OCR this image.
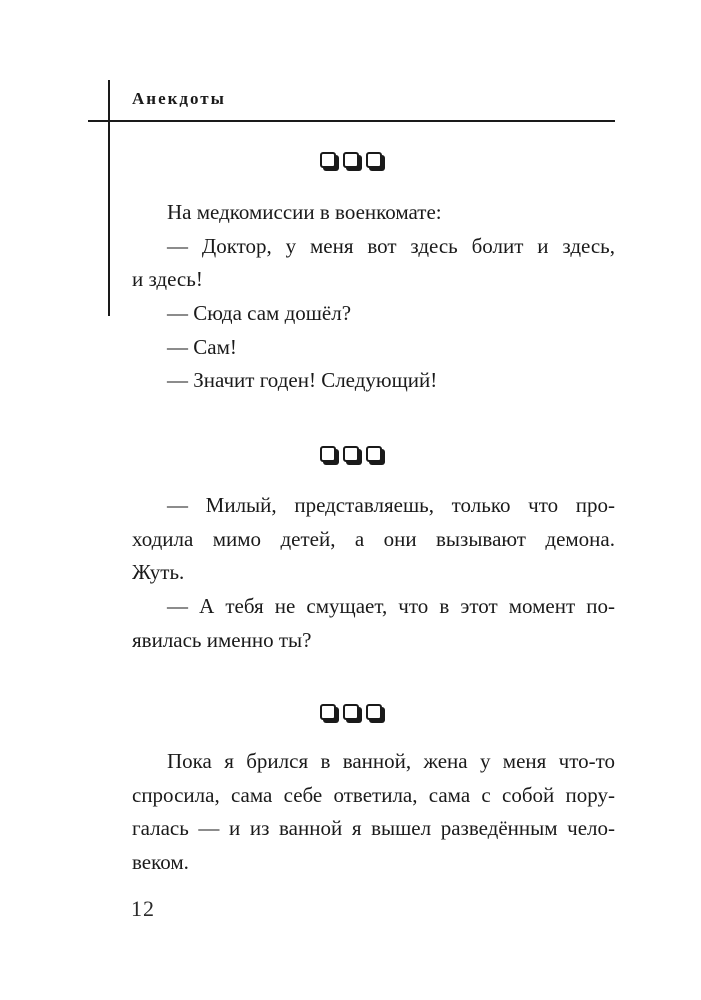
Анекдоты
На медкомиссии в военкомате:
— Доктор, у меня вот здесь болит и здесь,
и здесь!
— Сюда сам дошёл?
— Сам!
— Значит годен! Следующий!
— Милый, представляешь, только что про-
ходила мимо детей, а они вызывают демона.
Жуть.
— А тебя не смущает, что в этот момент по-
явилась именно ты?
Пока я брился в ванной, жена у меня что-то
спросила, сама себе ответила, сама с собой пору-
галась — и из ванной я вышел разведённым чело-
веком.
12
